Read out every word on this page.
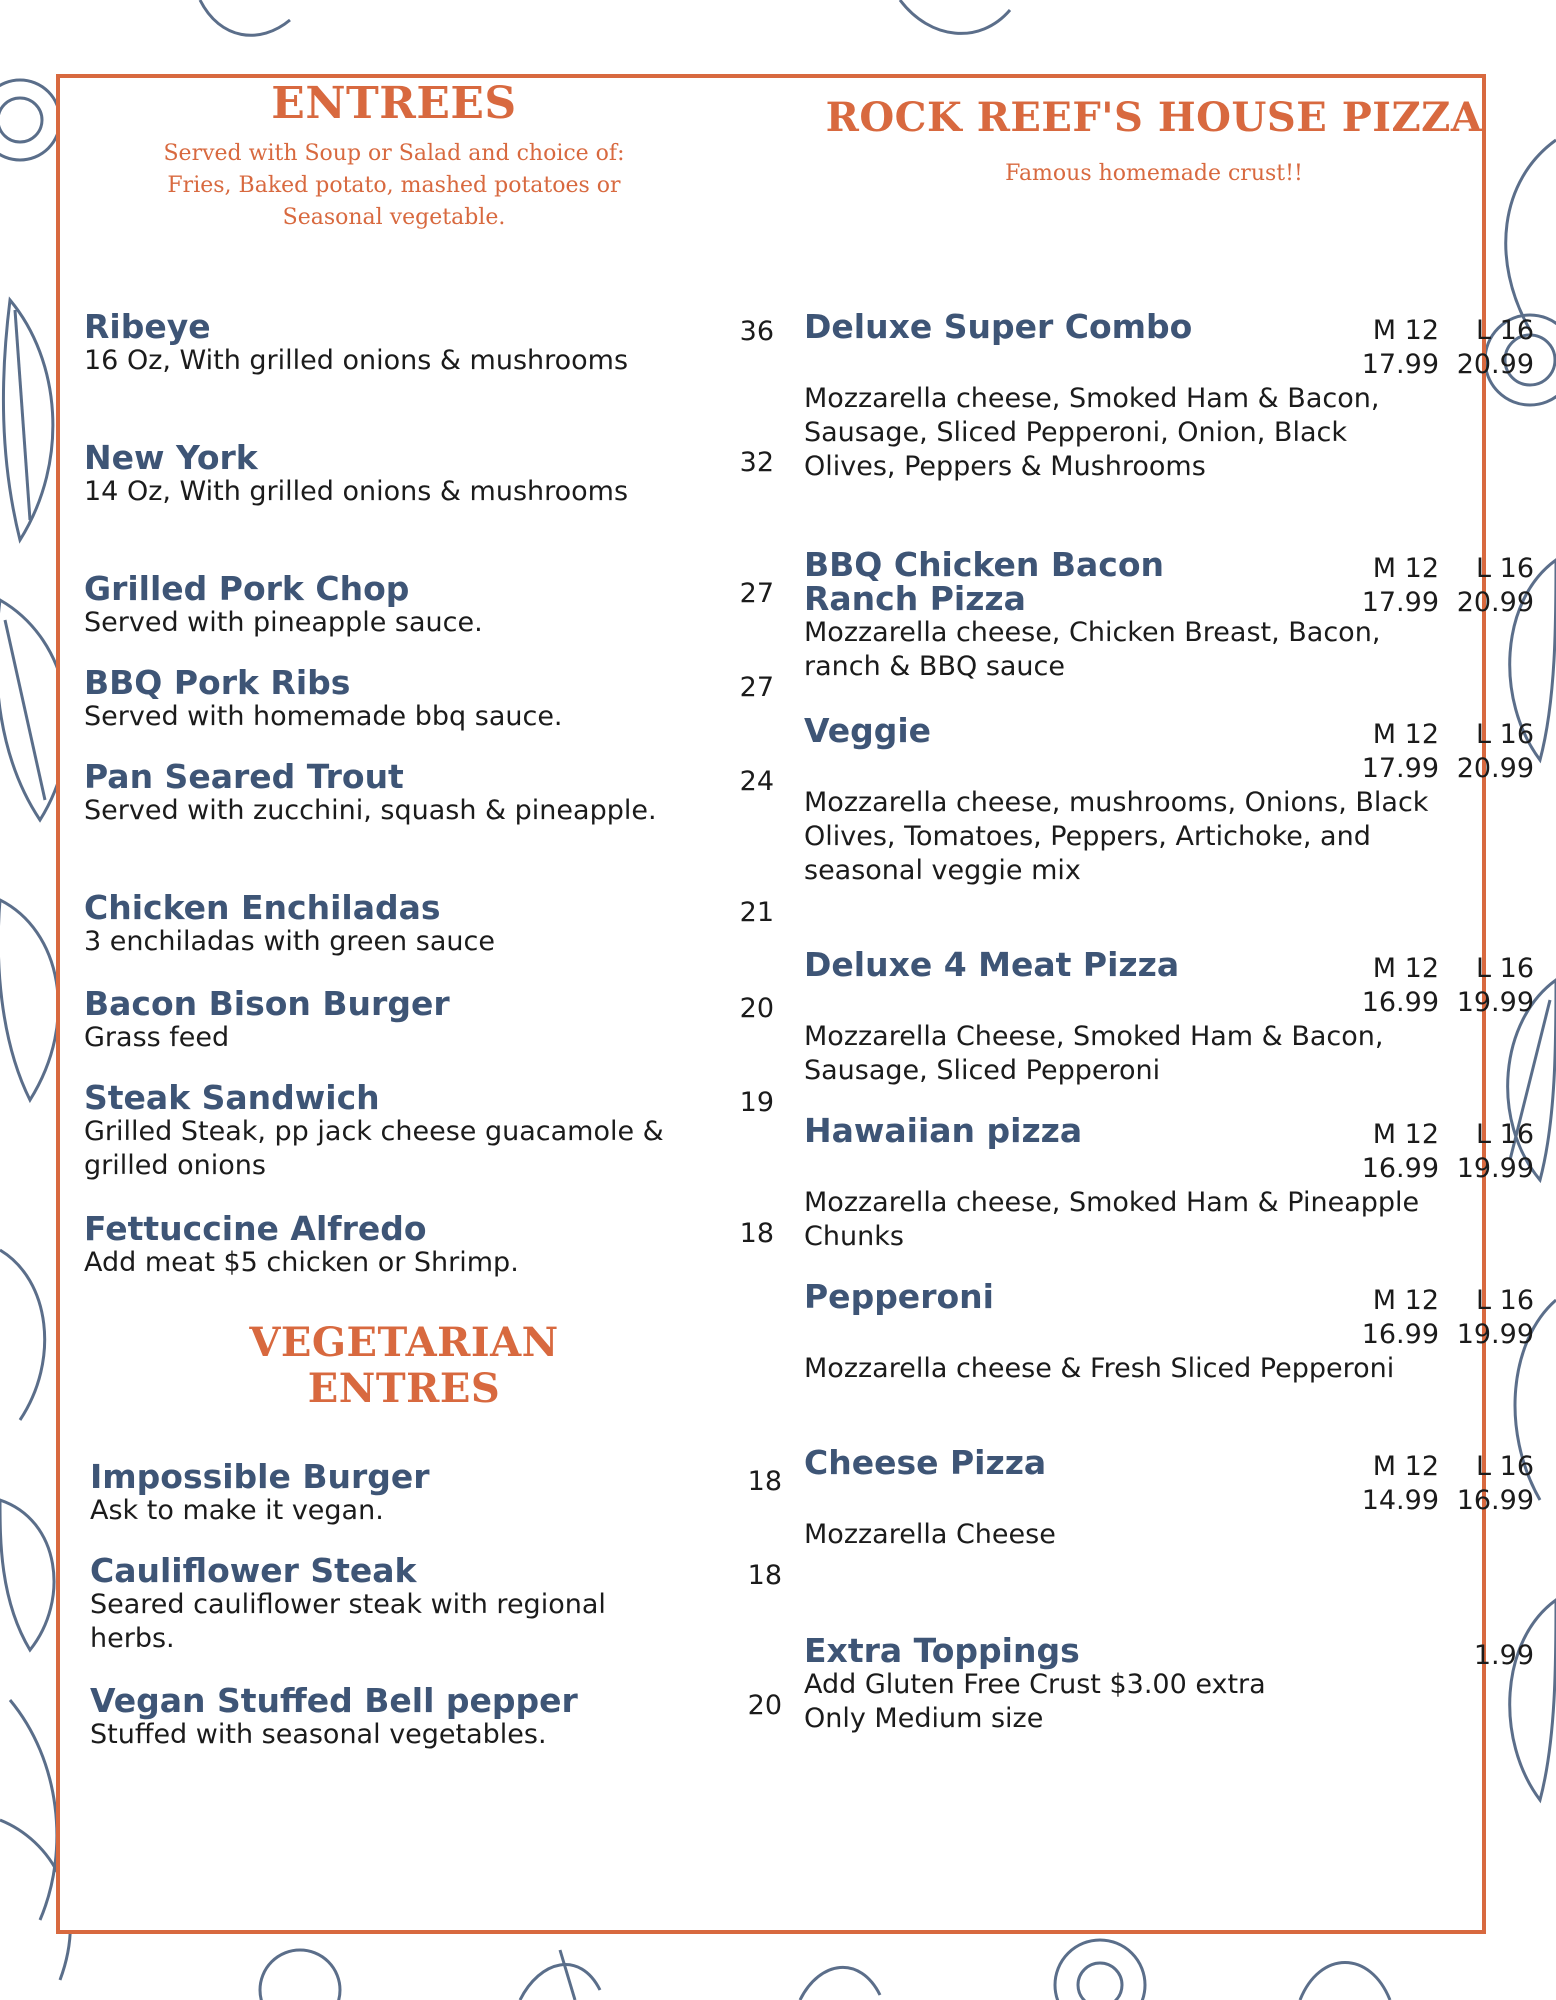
ENTREES
Served with Soup or Salad and choice of: Fries, Baked potato, mashed potatoes or Seasonal vegetable.
Ribeye
16 Oz, With grilled onions & mushrooms
36
New York
14 Oz, With grilled onions & mushrooms
32
Grilled Pork Chop
Served with pineapple sauce.
27
BBQ Pork Ribs
Served with homemade bbq sauce.
27
Pan Seared Trout
Served with zucchini, squash & pineapple.
24
Chicken Enchiladas
3 enchiladas with green sauce
21
Bacon Bison Burger
Grass feed
20
Steak Sandwich
Grilled Steak, pp jack cheese guacamole & grilled onions
19
Fettuccine Alfredo
Add meat $5 chicken or Shrimp.
18
VEGETARIAN
ENTRES
Impossible Burger
Ask to make it vegan.
18
Cauliflower Steak
Seared cauliflower steak with regional herbs.
18
Vegan Stuffed Bell pepper
Stuffed with seasonal vegetables.
20
ROCK REEF'S HOUSE PIZZA
Famous homemade crust!!
Deluxe Super Combo	M 12	L 16
17.99 20.99
Mozzarella cheese, Smoked Ham & Bacon, Sausage, Sliced Pepperoni, Onion, Black Olives, Peppers & Mushrooms
BBQ Chicken Bacon Ranch Pizza
M 12	L 16
17.99 20.99
Mozzarella cheese, Chicken Breast, Bacon, ranch & BBQ sauce
Veggie	M 12	L 16
17.99 20.99
Mozzarella cheese, mushrooms, Onions, Black Olives, Tomatoes, Peppers, Artichoke, and seasonal veggie mix
Deluxe 4 Meat Pizza	M 12	L 16
16.99 19.99
Mozzarella Cheese, Smoked Ham & Bacon, Sausage, Sliced Pepperoni
Hawaiian pizza	M 12	L 16
16.99 19.99
Mozzarella cheese, Smoked Ham & Pineapple Chunks
Pepperoni	M 12	L 16
16.99 19.99
Mozzarella cheese & Fresh Sliced Pepperoni
Cheese Pizza	M 12	L 16
14.99 16.99
Mozzarella Cheese
Extra Toppings
Add Gluten Free Crust $3.00 extra
Only Medium size
1.99
